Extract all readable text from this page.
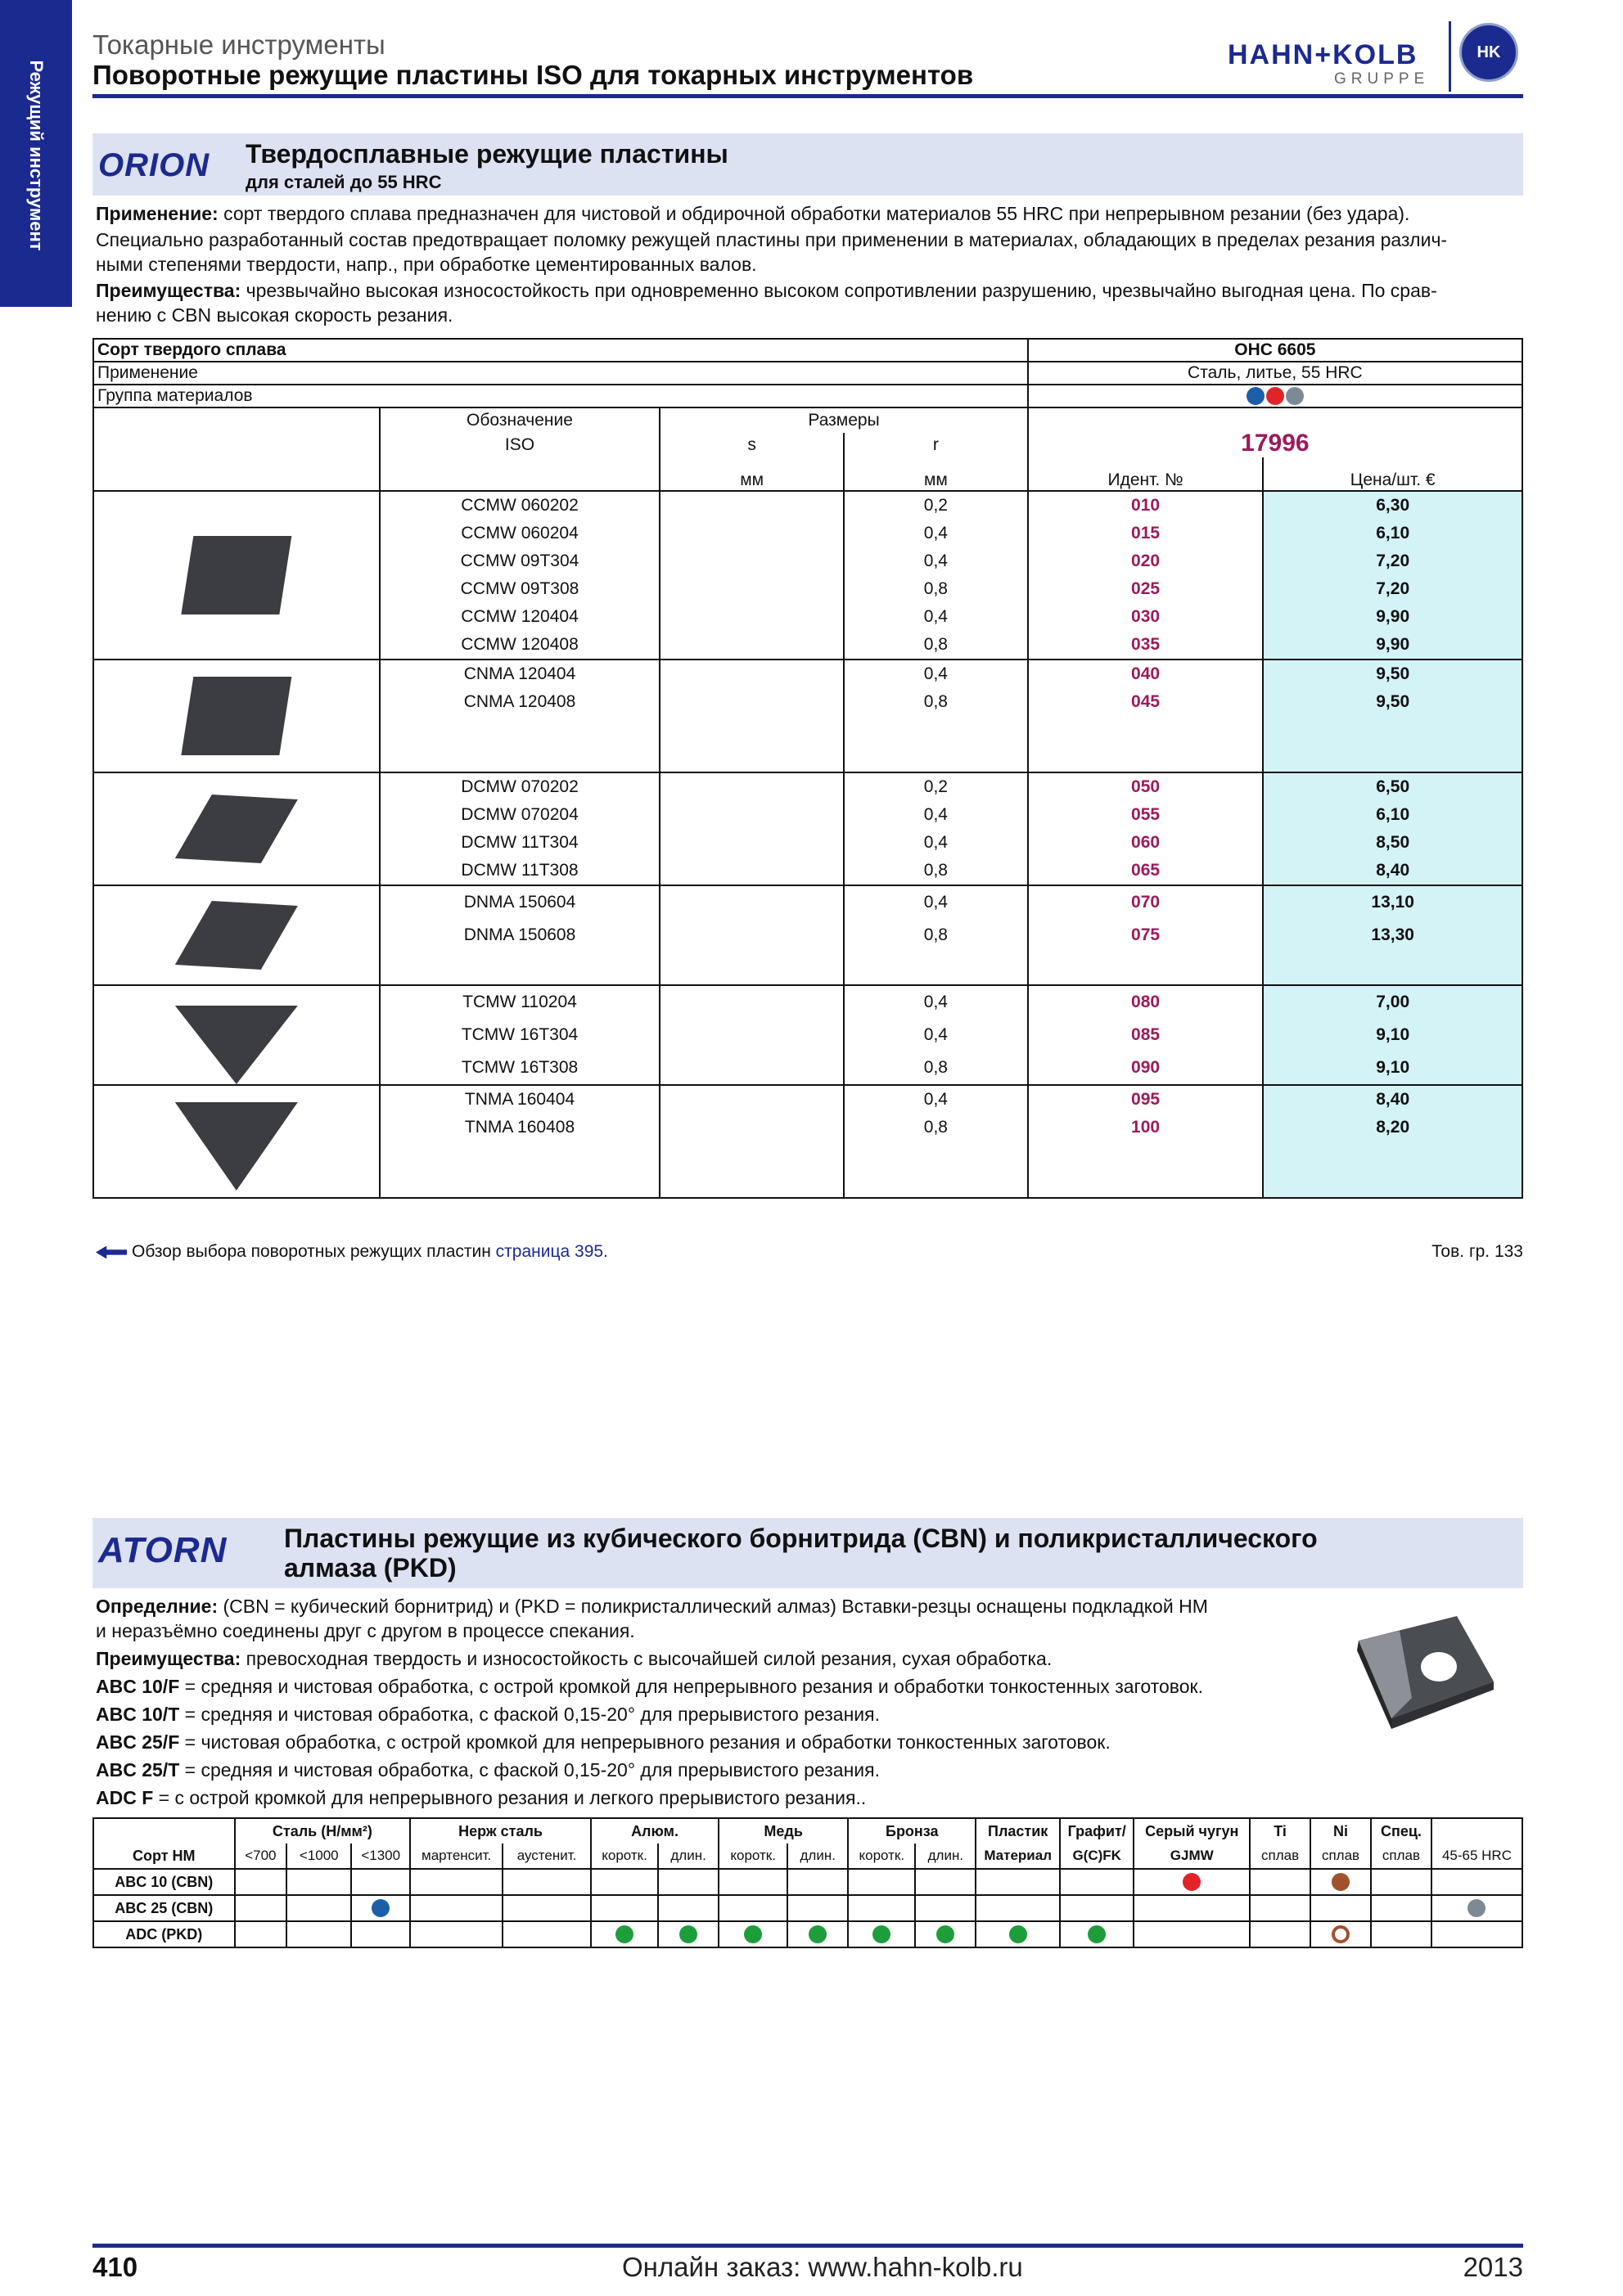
Режущий инструмент
Токарные инструменты
Поворотные режущие пластины ISO для токарных инструментов
HAHN+KOLB
GRUPPE
HK
ORION Твердосплавные режущие пластины
для сталей до 55 HRC
Применение: сорт твердого сплава предназначен для чистовой и обдирочной обработки материалов 55 HRC при непрерывном резании (без удара).
Специально разработанный состав предотвращает поломку режущей пластины при применении в материалах, обладающих в пределах резания различ-
ными степенями твердости, напр., при обработке цементированных валов.
Преимущества: чрезвычайно высокая износостойкость при одновременно высоком сопротивлении разрушению, чрезвычайно выгодная цена. По срав-
нению с CBN высокая скорость резания.
Сорт твердого сплава				OHC 6605	
Применение				Сталь, литье, 55 HRC	
Группа материалов					
	Обозначение
ISO	Размеры		17996	
		s	r		
		мм	мм	Идент. №	Цена/шт. €

	CCMW 060202		0,2	010	6,30
	CCMW 060204		0,4	015	6,10
	CCMW 09T304		0,4	020	7,20
	CCMW 09T308		0,8	025	7,20
	CCMW 120404		0,4	030	9,90
	CCMW 120408		0,8	035	9,90

	CNMA 120404		0,4	040	9,50
	CNMA 120408		0,8	045	9,50

	DCMW 070202		0,2	050	6,50
	DCMW 070204		0,4	055	6,10
	DCMW 11T304		0,4	060	8,50
	DCMW 11T308		0,8	065	8,40

	DNMA 150604		0,4	070	13,10
	DNMA 150608		0,8	075	13,30

	TCMW 110204		0,4	080	7,00
	TCMW 16T304		0,4	085	9,10
	TCMW 16T308		0,8	090	9,10

	TNMA 160404		0,4	095	8,40
	TNMA 160408		0,8	100	8,20

Обзор выбора поворотных режущих пластин страница 395.	Тов. гр. 133
ATORN Пластины режущие из кубического борнитрида (CBN) и поликристаллического
алмаза (PKD)
Определние: (CBN = кубический борнитрид) и (PKD = поликристаллический алмаз) Вставки-резцы оснащены подкладкой HM
и неразъёмно соединены друг с другом в процессе спекания.
Преимущества: превосходная твердость и износостойкость с высочайшей силой резания, сухая обработка.
ABC 10/F = средняя и чистовая обработка, с острой кромкой для непрерывного резания и обработки тонкостенных заготовок.
ABC 10/T = средняя и чистовая обработка, с фаской 0,15-20° для прерывистого резания.
ABC 25/F = чистовая обработка, с острой кромкой для непрерывного резания и обработки тонкостенных заготовок.
ABC 25/T = средняя и чистовая обработка, с фаской 0,15-20° для прерывистого резания.
ADC F = с острой кромкой для непрерывного резания и легкого прерывистого резания..
	Сталь (Н/мм²)			Нерж сталь		Алюм.		Медь		Бронза		Пластик	Графит/	Серый чугун	Ti	Ni	Спец.	
Сорт HM	<700	<1000	<1300	мартенсит.	аустенит.	коротк.	длин.	коротк.	длин.	коротк.	длин.	Материал	G(C)FK	GJMW	сплав	сплав	сплав	45-65 HRC
ABC 10 (CBN)																		
ABC 25 (CBN)																		
ADC (PKD)																		
410	Онлайн заказ: www.hahn-kolb.ru	2013
